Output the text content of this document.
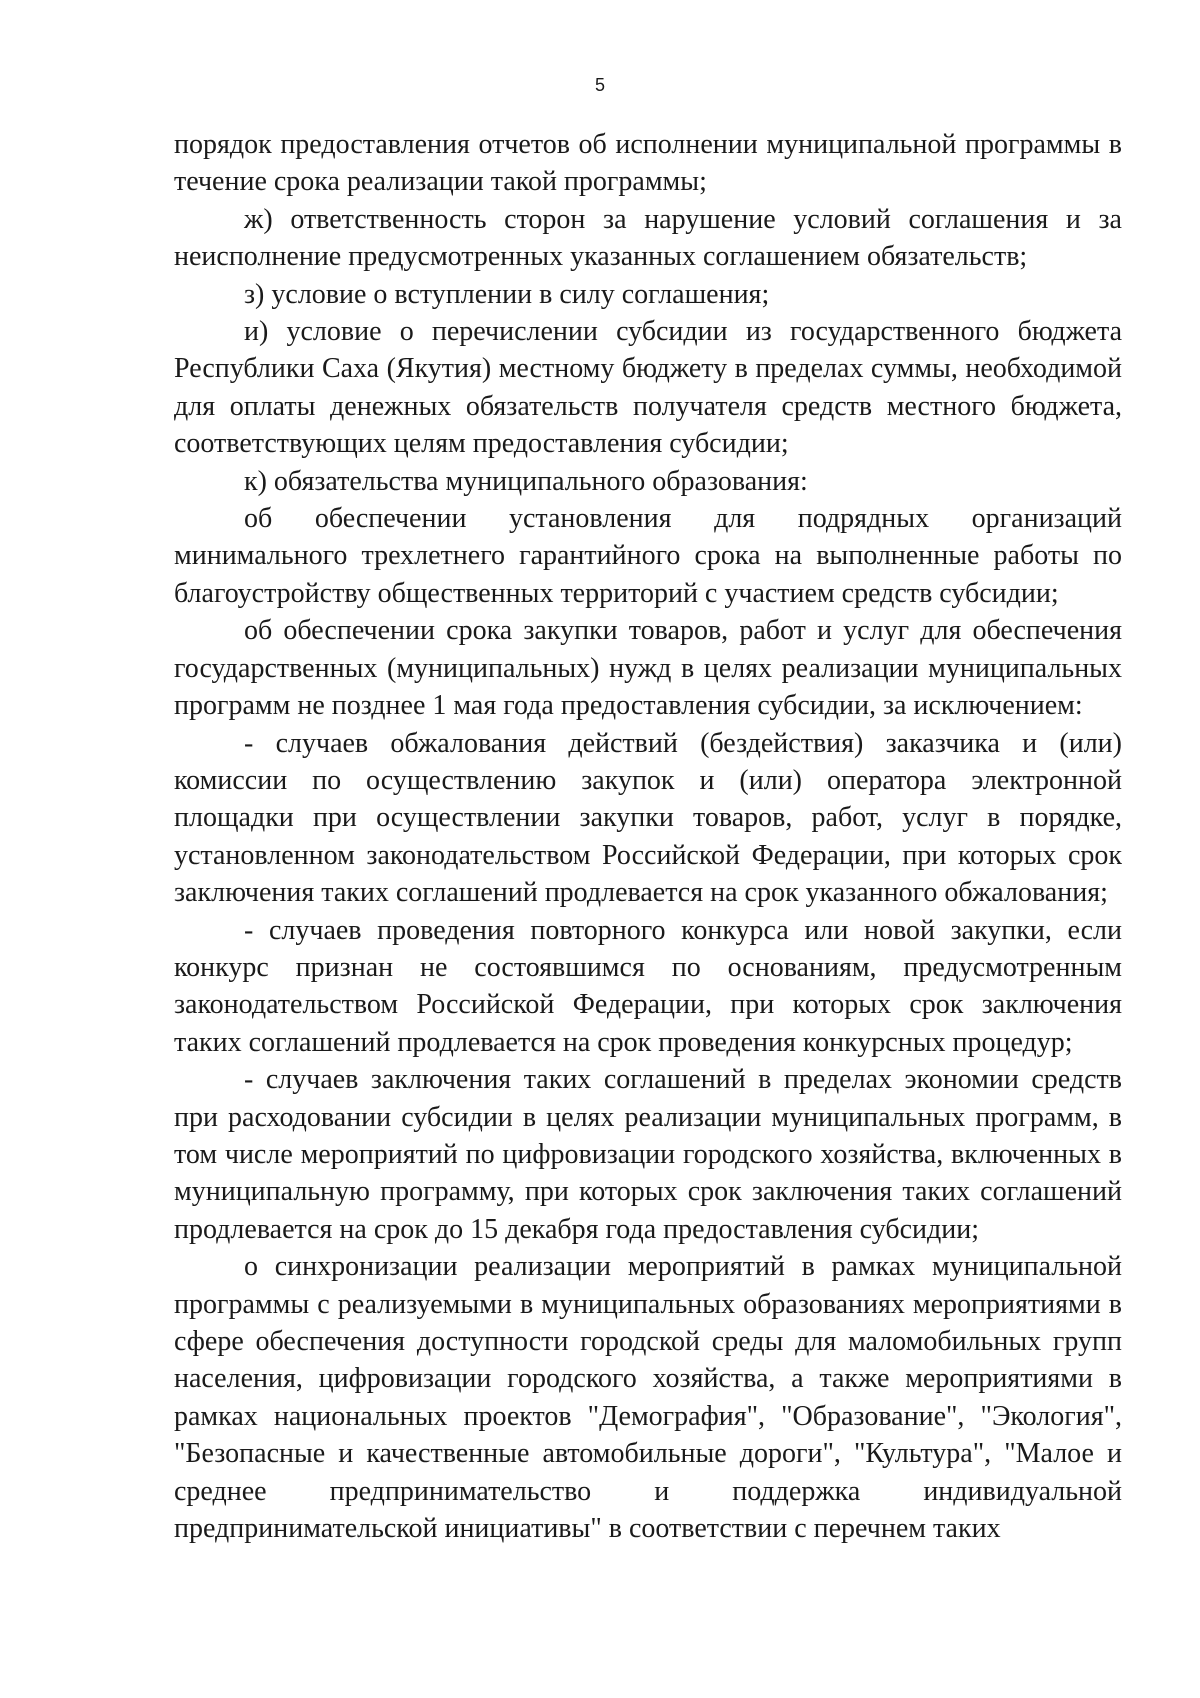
5

порядок предоставления отчетов об исполнении муниципальной программы в течение срока реализации такой программы;

ж) ответственность сторон за нарушение условий соглашения и за неисполнение предусмотренных указанных соглашением обязательств;

з) условие о вступлении в силу соглашения;

и) условие о перечислении субсидии из государственного бюджета Республики Саха (Якутия) местному бюджету в пределах суммы, необходимой для оплаты денежных обязательств получателя средств местного бюджета, соответствующих целям предоставления субсидии;

к) обязательства муниципального образования:

об обеспечении установления для подрядных организаций минимального трехлетнего гарантийного срока на выполненные работы по благоустройству общественных территорий с участием средств субсидии;

об обеспечении срока закупки товаров, работ и услуг для обеспечения государственных (муниципальных) нужд в целях реализации муниципальных программ не позднее 1 мая года предоставления субсидии, за исключением:

- случаев обжалования действий (бездействия) заказчика и (или) комиссии по осуществлению закупок и (или) оператора электронной площадки при осуществлении закупки товаров, работ, услуг в порядке, установленном законодательством Российской Федерации, при которых срок заключения таких соглашений продлевается на срок указанного обжалования;

- случаев проведения повторного конкурса или новой закупки, если конкурс признан не состоявшимся по основаниям, предусмотренным законодательством Российской Федерации, при которых срок заключения таких соглашений продлевается на срок проведения конкурсных процедур;

- случаев заключения таких соглашений в пределах экономии средств при расходовании субсидии в целях реализации муниципальных программ, в том числе мероприятий по цифровизации городского хозяйства, включенных в муниципальную программу, при которых срок заключения таких соглашений продлевается на срок до 15 декабря года предоставления субсидии;

о синхронизации реализации мероприятий в рамках муниципальной программы с реализуемыми в муниципальных образованиях мероприятиями в сфере обеспечения доступности городской среды для маломобильных групп населения, цифровизации городского хозяйства, а также мероприятиями в рамках национальных проектов "Демография", "Образование", "Экология", "Безопасные и качественные автомобильные дороги", "Культура", "Малое и среднее предпринимательство и поддержка индивидуальной предпринимательской инициативы" в соответствии с перечнем таких
